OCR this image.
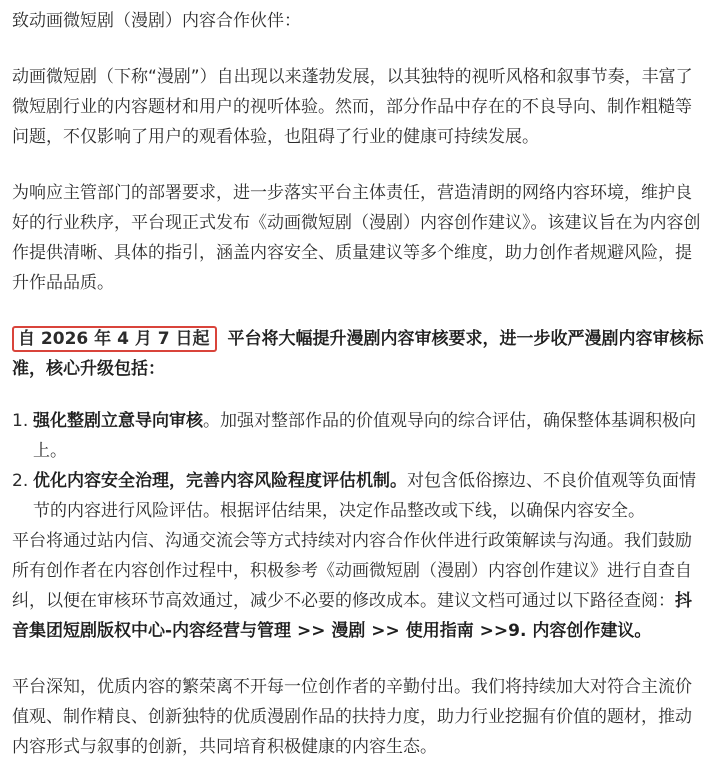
致动画微短剧（漫剧）内容合作伙伴：

动画微短剧（下称“漫剧”）自出现以来蓬勃发展，以其独特的视听风格和叙事节奏，丰富了微短剧行业的内容题材和用户的视听体验。然而，部分作品中存在的不良导向、制作粗糙等问题，不仅影响了用户的观看体验，也阻碍了行业的健康可持续发展。

为响应主管部门的部署要求，进一步落实平台主体责任，营造清朗的网络内容环境，维护良好的行业秩序，平台现正式发布《动画微短剧（漫剧）内容创作建议》。该建议旨在为内容创作提供清晰、具体的指引，涵盖内容安全、质量建议等多个维度，助力创作者规避风险，提升作品品质。

自 2026 年 4 月 7 日起 平台将大幅提升漫剧内容审核要求，进一步收严漫剧内容审核标准，核心升级包括：

1. 强化整剧立意导向审核。加强对整部作品的价值观导向的综合评估，确保整体基调积极向上。
2. 优化内容安全治理，完善内容风险程度评估机制。对包含低俗擦边、不良价值观等负面情节的内容进行风险评估。根据评估结果，决定作品整改或下线，以确保内容安全。

平台将通过站内信、沟通交流会等方式持续对内容合作伙伴进行政策解读与沟通。我们鼓励所有创作者在内容创作过程中，积极参考《动画微短剧（漫剧）内容创作建议》进行自查自纠，以便在审核环节高效通过，减少不必要的修改成本。建议文档可通过以下路径查阅：抖音集团短剧版权中心-内容经营与管理 >> 漫剧 >> 使用指南 >>9. 内容创作建议。

平台深知，优质内容的繁荣离不开每一位创作者的辛勤付出。我们将持续加大对符合主流价值观、制作精良、创新独特的优质漫剧作品的扶持力度，助力行业挖掘有价值的题材，推动内容形式与叙事的创新，共同培育积极健康的内容生态。
